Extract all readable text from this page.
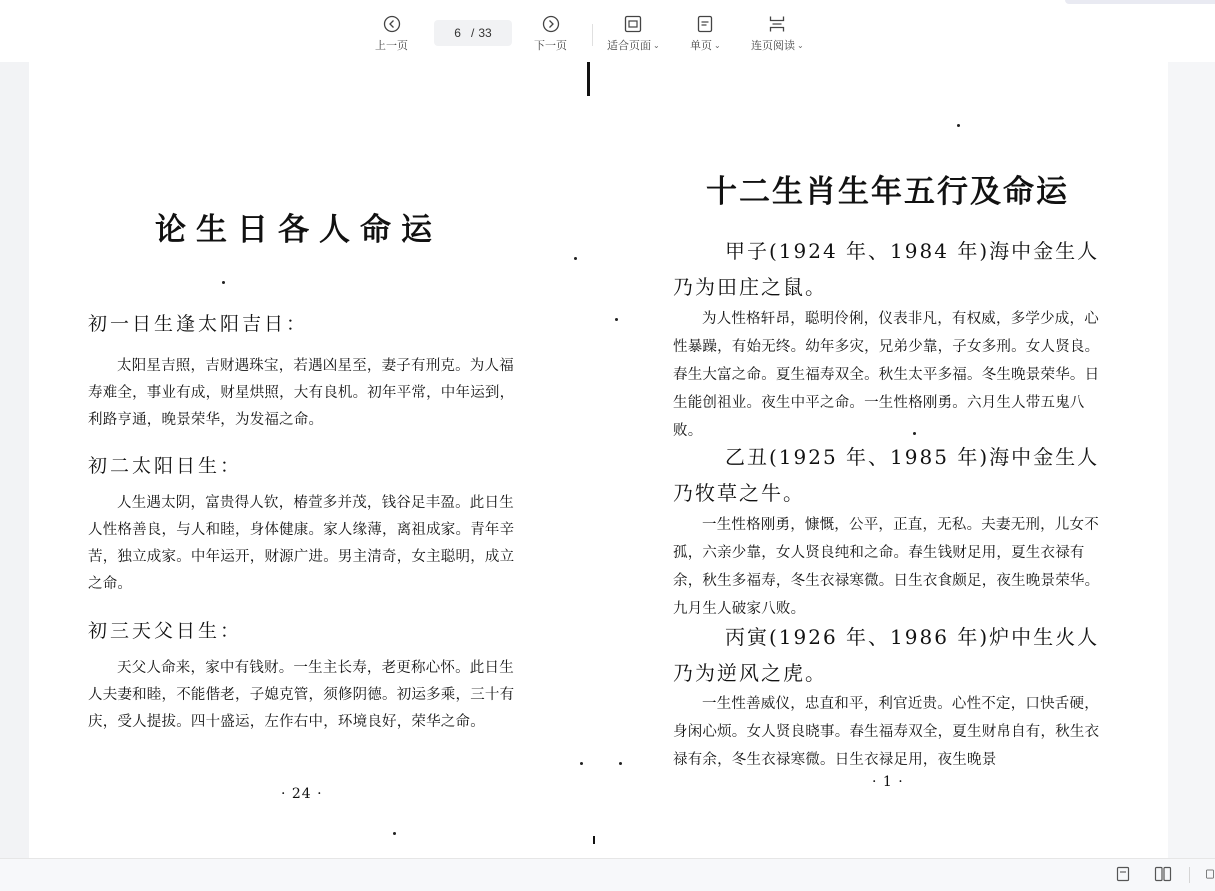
上一页
6 / 33
下一页	适合页面 ⌄	单页 ⌄	连页阅读 ⌄
论生日各人命运
初一日生逢太阳吉日：
太阳星吉照，吉财遇珠宝，若遇凶星至，妻子有刑克。为人福寿难全，事业有成，财星烘照，大有良机。初年平常，中年运到，利路亨通，晚景荣华，为发福之命。
初二太阳日生：
人生遇太阴，富贵得人钦，椿萱多并茂，钱谷足丰盈。此日生人性格善良，与人和睦，身体健康。家人缘薄，离祖成家。青年辛苦，独立成家。中年运开，财源广进。男主清奇，女主聪明，成立之命。
初三天父日生：
天父人命来，家中有钱财。一生主长寿，老更称心怀。此日生人夫妻和睦，不能偕老，子媳克管，须修阴德。初运多乘，三十有庆，受人提拔。四十盛运，左作右中，环境良好，荣华之命。
· 24 ·
十二生肖生年五行及命运
甲子(1924 年、1984 年)海中金生人
乃为田庄之鼠。
为人性格轩昂，聪明伶俐，仪表非凡，有权威，多学少成，心性暴躁，有始无终。幼年多灾，兄弟少靠，子女多刑。女人贤良。春生大富之命。夏生福寿双全。秋生太平多福。冬生晚景荣华。日生能创祖业。夜生中平之命。一生性格刚勇。六月生人带五鬼八败。
乙丑(1925 年、1985 年)海中金生人
乃牧草之牛。
一生性格刚勇，慷慨，公平，正直，无私。夫妻无刑，儿女不孤，六亲少靠，女人贤良纯和之命。春生钱财足用，夏生衣禄有余，秋生多福寿，冬生衣禄寒微。日生衣食颇足，夜生晚景荣华。九月生人破家八败。
丙寅(1926 年、1986 年)炉中生火人
乃为逆风之虎。
一生性善威仪，忠直和平，利官近贵。心性不定，口快舌硬，身闲心烦。女人贤良晓事。春生福寿双全，夏生财帛自有，秋生衣禄有余，冬生衣禄寒微。日生衣禄足用，夜生晚景
· 1 ·
